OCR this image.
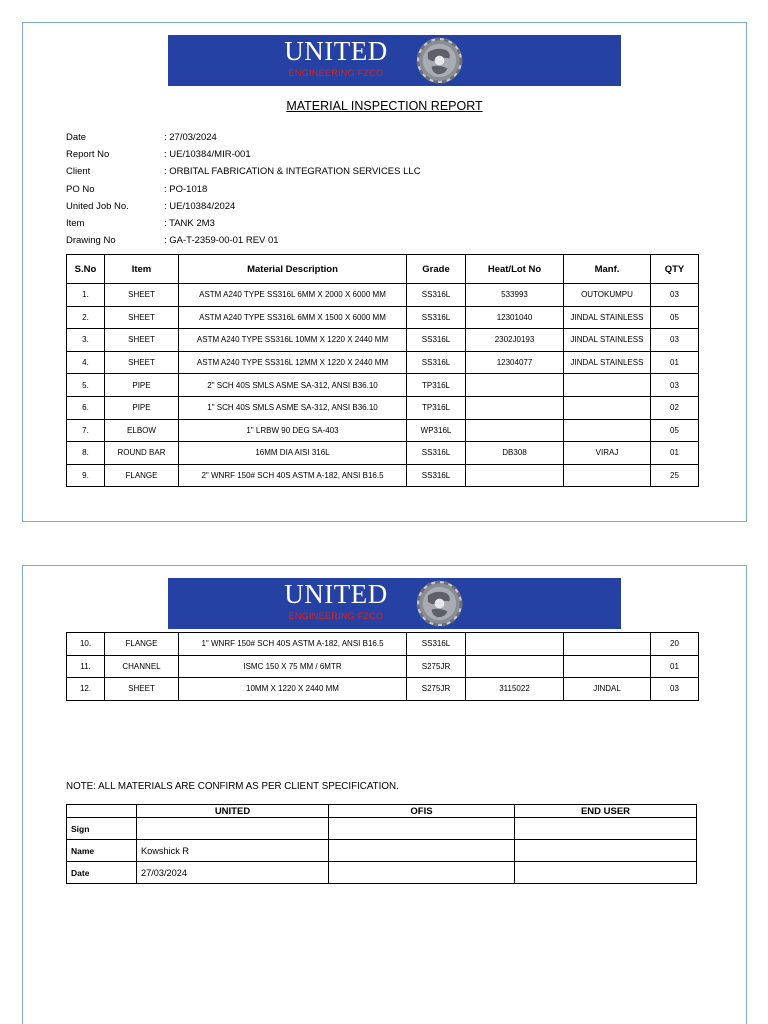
UNITED
ENGINEERING FZCO
MATERIAL INSPECTION REPORT
Date	: 27/03/2024
Report No	: UE/10384/MIR-001
Client	: ORBITAL FABRICATION & INTEGRATION SERVICES LLC
PO No	: PO-1018
United Job No.	: UE/10384/2024
Item	: TANK 2M3
Drawing No	: GA-T-2359-00-01 REV 01
S.No	Item	Material Description	Grade	Heat/Lot No	Manf.	QTY
1.	SHEET	ASTM A240 TYPE SS316L 6MM X 2000 X 6000 MM	SS316L	533993	OUTOKUMPU	03
2.	SHEET	ASTM A240 TYPE SS316L 6MM X 1500 X 6000 MM	SS316L	12301040	JINDAL STAINLESS	05
3.	SHEET	ASTM A240 TYPE SS316L 10MM X 1220 X 2440 MM	SS316L	2302J0193	JINDAL STAINLESS	03
4.	SHEET	ASTM A240 TYPE SS316L 12MM X 1220 X 2440 MM	SS316L	12304077	JINDAL STAINLESS	01
5.	PIPE	2" SCH 40S SMLS ASME SA-312, ANSI B36.10	TP316L			03
6.	PIPE	1" SCH 40S SMLS ASME SA-312, ANSI B36.10	TP316L			02
7.	ELBOW	1" LRBW 90 DEG SA-403	WP316L			05
8.	ROUND BAR	16MM DIA AISI 316L	SS316L	DB308	VIRAJ	01
9.	FLANGE	2" WNRF 150# SCH 40S ASTM A-182, ANSI B16.5	SS316L			25
UNITED
ENGINEERING FZCO
10.	FLANGE	1" WNRF 150# SCH 40S ASTM A-182, ANSI B16.5	SS316L			20
11.	CHANNEL	ISMC 150 X 75 MM / 6MTR	S275JR			01
12.	SHEET	10MM X 1220 X 2440 MM	S275JR	3115022	JINDAL	03
NOTE: ALL MATERIALS ARE CONFIRM AS PER CLIENT SPECIFICATION.
	UNITED	OFIS	END USER
Sign			
Name	Kowshick R		
Date	27/03/2024		
